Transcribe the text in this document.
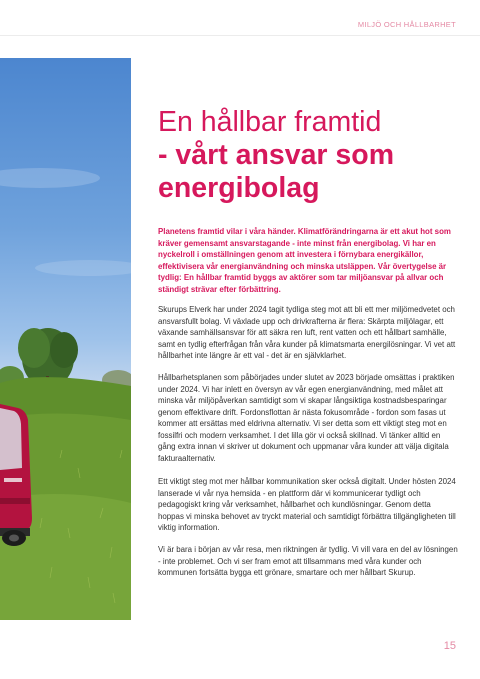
MILJÖ OCH HÅLLBARHET
En hållbar framtid
- vårt ansvar som
energibolag

Planetens framtid vilar i våra händer. Klimatförändringarna är ett akut hot som kräver gemensamt ansvarstagande - inte minst från energibolag. Vi har en nyckelroll i omställningen genom att investera i förnybara energikällor, effektivisera vår energianvändning och minska utsläppen. Vår övertygelse är tydlig: En hållbar framtid byggs av aktörer som tar miljöansvar på allvar och ständigt strävar efter förbättring.

Skurups Elverk har under 2024 tagit tydliga steg mot att bli ett mer miljömedvetet och ansvarsfullt bolag. Vi växlade upp och drivkrafterna är flera: Skärpta miljölagar, ett växande samhällsansvar för att säkra ren luft, rent vatten och ett hållbart samhälle, samt en tydlig efterfrågan från våra kunder på klimatsmarta energilösningar. Vi vet att hållbarhet inte längre är ett val - det är en självklarhet.

Hållbarhetsplanen som påbörjades under slutet av 2023 började omsättas i praktiken under 2024. Vi har inlett en översyn av vår egen energianvändning, med målet att minska vår miljöpåverkan samtidigt som vi skapar långsiktiga kostnadsbesparingar genom effektivare drift. Fordonsflottan är nästa fokusområde - fordon som fasas ut kommer att ersättas med eldrivna alternativ. Vi ser detta som ett viktigt steg mot en fossilfri och modern verksamhet. I det lilla gör vi också skillnad. Vi tänker alltid en gång extra innan vi skriver ut dokument och uppmanar våra kunder att välja digitala fakturaalternativ.

Ett viktigt steg mot mer hållbar kommunikation sker också digitalt. Under hösten 2024 lanserade vi vår nya hemsida - en plattform där vi kommunicerar tydligt och pedagogiskt kring vår verksamhet, hållbarhet och kundlösningar. Genom detta hoppas vi minska behovet av tryckt material och samtidigt förbättra tillgängligheten till viktig information.

Vi är bara i början av vår resa, men riktningen är tydlig. Vi vill vara en del av lösningen - inte problemet. Och vi ser fram emot att tillsammans med våra kunder och kommunen fortsätta bygga ett grönare, smartare och mer hållbart Skurup.

15
